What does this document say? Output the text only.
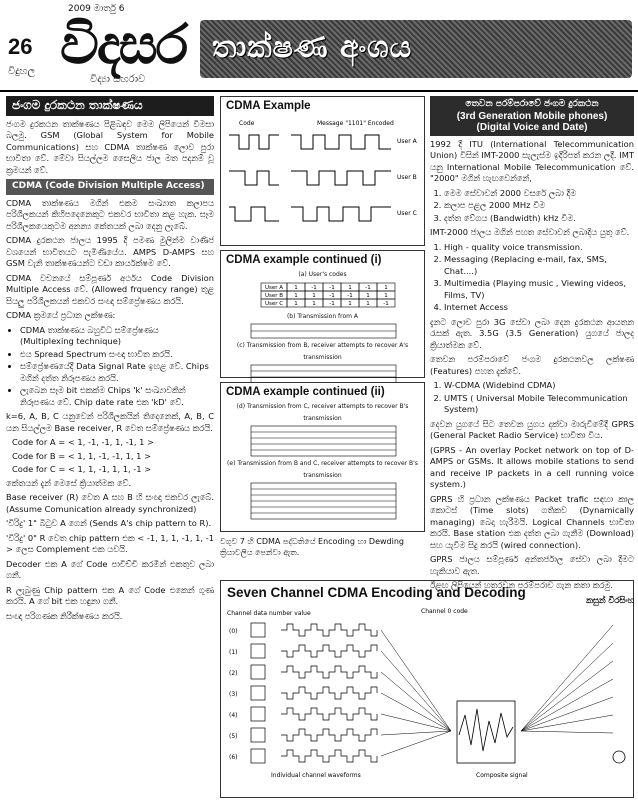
26
2009 මාර්තු 6
විදසර
විදුහල
විද්‍යා සඟරාව
තාක්ෂණ අංශය
ජංගම දුරකථන තාක්ෂණය

ජංගම දුරකථන තාක්ෂණය පිළිබඳව මෙම ලිපියෙන් විමසා බලමු. GSM (Global System for Mobile Communications) සහ CDMA තාක්ෂණ ලොව පුරා භාවිතා වේ. මේවා සියල්ලම සෛලීය ජාල මත පදනම් වූ ක්‍රමයන් වේ.

CDMA (Code Division Multiple Access)

CDMA තාක්ෂණය මගින් එකම සංඛ්‍යාත කලාපය පරිශීලකයන් කිහිපදෙනෙකුට එකවර භාවිතා කළ හැක. සෑම පරිශීලකයෙකුටම අනන්‍ය කේතයක් ලබා දෙනු ලැබේ.

CDMA දුරකථන ජාලය 1995 දී පමණ මුලින්ම වාණිජ වශයෙන් භාවිතයට පැමිණියේය. AMPS D-AMPS සහ GSM වැනි තාක්ෂණයන්ට වඩා කාර්යක්ෂම වේ.

CDMA වචනයේ සම්පූර්ණ අර්ථය Code Division Multiple Access වේ. (Allowed frquency range) තුළ සියලු පරිශීලකයන් එකවර සංඥා සම්ප්‍රේෂණය කරයි.

CDMA ක්‍රමයේ ප්‍රධාන ලක්ෂණ:

• CDMA තාක්ෂණය බහුවිධ සම්ප්‍රේෂණය (Multiplexing technique)
• එය Spread Spectrum සංඥා භාවිත කරයි.
• සම්ප්‍රේෂණයේදී Data Signal Rate ඉහළ වේ. Chips මගින් දත්ත නිරූපණය කරයි.
• ලැබෙන සෑම bit එකක්ම Chips 'k' සංඛ්‍යාවකින් නිරූපණය වේ. Chip date rate එක 'kD' වේ.

k=6, A, B, C යනුවෙන් පරිශීලකයින් තිදෙනෙක්, A, B, C යන සියල්ලම Base receiver, R වෙත සම්ප්‍රේෂණය කරයි.

Code for A = < 1, -1, -1, 1, -1, 1 >
Code for B = < 1, 1, -1, -1, 1, 1 >
Code for C = < 1, 1, -1, 1, 1, -1 >

කේතයන් දැන් මෙසේ ක්‍රියාත්මක වේ.

Base receiver (R) වෙත A සහ B හි සංඥා එකවර ලැබේ. (Assume Comunication already synchronized)

'විරිදු' 1" බිටුව A ගෙන් (Sends A's chip pattern to R).

'විරිදු' 0" R වෙත chip pattern එක < -1, 1, 1, -1, 1, -1 > ලෙස Complement එක යවයි.

Decoder එක A ගේ Code පාවිච්චි කරමින් එකතුව ලබා ගනී.

R ලැබුණු Chip pattern එක A ගේ Code එකෙන් ගුණ කරයි. A ගේ bit එක හඳුනා ගනී.

සංඥා පරිගණක නිරීක්ෂණය කරයි.

CDMA Example
Code	Message "1101" Encoded
User A
User B
User C
CDMA example continued (i)
(a) User's codes
User A 1 -1 -1 1 -1 1
User B 1	1 -1 -1 1	1
User C 1	1 -1 1	1 -1
(b) Transmission from A
(c) Transmission from B, receiver attempts to recover A's transmission
CDMA example continued (ii)
(d) Transmission from C, receiver attempts to recover B's transmission
(e) Transmission from B and C, receiver attempts to recover B's transmission
වගුව 7 හි CDMA පද්ධතියේ Encoding හා Dewding ක්‍රියාවලිය පෙන්වා ඇත.
Seven Channel CDMA Encoding and Decoding
Channel data number value	Channel 0 code
(0)
(1)
(2)
(3)
(4)
(5)
(6)
Individual channel waveforms	Composite signal
තෙවන පරම්පරාවේ ජංගම දුරකථන
(3rd Generation Mobile phones)
(Digital Voice and Date)

1992 දී ITU (International Telecommunication Union) විසින් IMT-2000 සැලැස්ම ඉදිරිපත් කරන ලදී. IMT යනු International Mobile Telecommunication වේ. "2000" මගින් හැඟවෙන්නේ,

1. මෙම සේවාවන් 2000 වසරේ ලබා දීම
2. කලාප පළල 2000 MHz වීම
3. දත්ත වේගය (Bandwidth) kHz වීම.

IMT-2000 ජාලය මගින් පහත සේවාවන් ලබාදිය යුතු වේ.

1. High - quality voice transmission.
2. Messaging (Replacing e-mail, fax, SMS, Chat....)
3. Multimedia (Playing music , Viewing videos, Films, TV)
4. Internet Access

දැනට ලොව පුරා 3G සේවා ලබා දෙන දුරකථන ආයතන රැසක් ඇත. 3.5G (3.5 Generation) යුගයේ ජාලද ක්‍රියාත්මක වේ.

තෙවන පරම්පරාවේ ජංගම දුරකථනවල ලක්ෂණ (Features) පහත දැක්වේ.

1. W-CDMA (Widebind CDMA)
2. UMTS ( Universal Mobile Telecommunication System)

දෙවන යුගයේ සිට තෙවන යුගය දක්වා මාරුවීමේදී GPRS (General Packet Radio Service) භාවිතා විය.

(GPRS - An overlay Pocket network on top of D-AMPS or GSMs. It allows mobile stations to send and receive IP packets in a cell running voice system.)

GPRS හි ප්‍රධාන ලක්ෂණය Packet trafic සඳහා කාල කොටස් (Time slots) ගතිකව (Dynamically managing) බෙදා හැරීමයි. Logical Channels භාවිතා කරයි. Base station එක දත්ත ලබා ගැනීම (Download) සහ යැවීම සිදු කරයි (wired connection).

GPRS ජාලය සම්පූර්ණ අන්තර්ජාල සේවා ලබා දීමට හැකියාව ඇත.

ඊළඟ ලිපියෙන් හතරවන පරම්පරාව ගැන කතා කරමු.

කසුන් වීරසිංහ
